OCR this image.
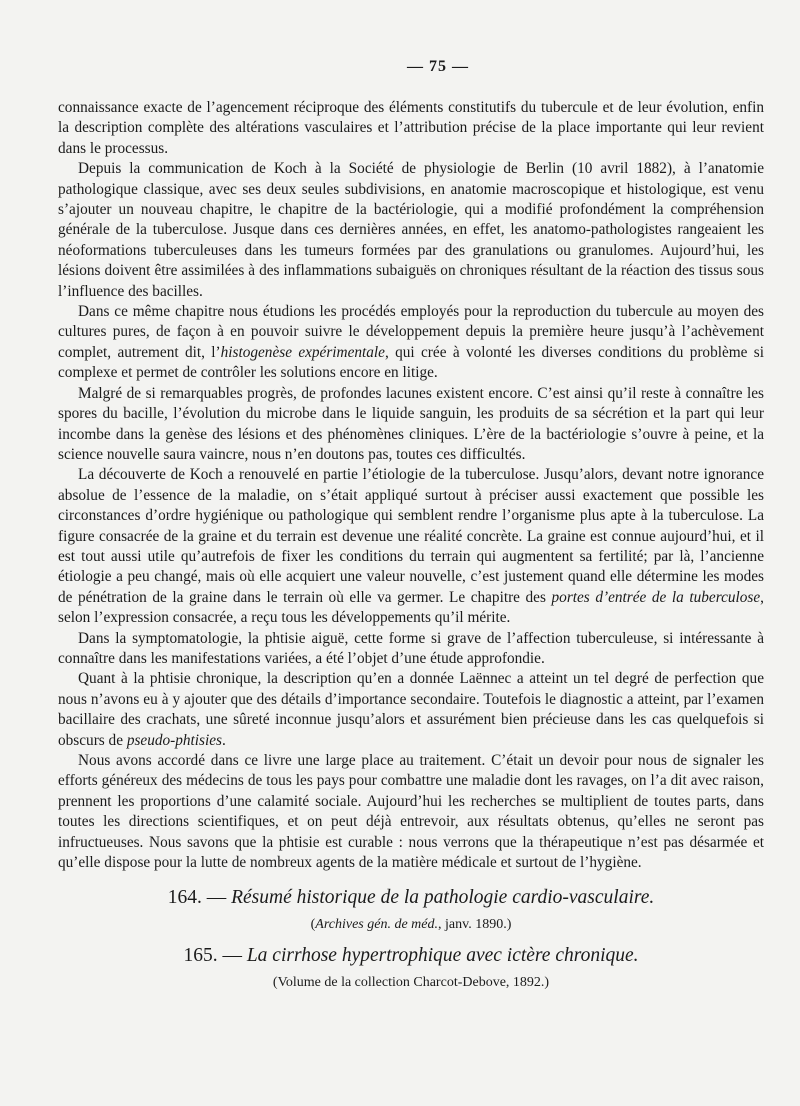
— 75 —

connaissance exacte de l’agencement réciproque des éléments constitutifs du tubercule et de leur évolution, enfin la description complète des altérations vasculaires et l’attribution précise de la place importante qui leur revient dans le processus.

Depuis la communication de Koch à la Société de physiologie de Berlin (10 avril 1882), à l’anatomie pathologique classique, avec ses deux seules subdivisions, en anatomie macroscopique et histologique, est venu s’ajouter un nouveau chapitre, le chapitre de la bactériologie, qui a modifié profondément la compréhension générale de la tuberculose. Jusque dans ces dernières années, en effet, les anatomo-pathologistes rangeaient les néoformations tuberculeuses dans les tumeurs formées par des granulations ou granulomes. Aujourd’hui, les lésions doivent être assimilées à des inflammations subaiguës on chroniques résultant de la réaction des tissus sous l’influence des bacilles.

Dans ce même chapitre nous étudions les procédés employés pour la reproduction du tubercule au moyen des cultures pures, de façon à en pouvoir suivre le développement depuis la première heure jusqu’à l’achèvement complet, autrement dit, l’histogenèse expérimentale, qui crée à volonté les diverses conditions du problème si complexe et permet de contrôler les solutions encore en litige.

Malgré de si remarquables progrès, de profondes lacunes existent encore. C’est ainsi qu’il reste à connaître les spores du bacille, l’évolution du microbe dans le liquide sanguin, les produits de sa sécrétion et la part qui leur incombe dans la genèse des lésions et des phénomènes cliniques. L’ère de la bactériologie s’ouvre à peine, et la science nouvelle saura vaincre, nous n’en doutons pas, toutes ces difficultés.

La découverte de Koch a renouvelé en partie l’étiologie de la tuberculose. Jusqu’alors, devant notre ignorance absolue de l’essence de la maladie, on s’était appliqué surtout à préciser aussi exactement que possible les circonstances d’ordre hygiénique ou pathologique qui semblent rendre l’organisme plus apte à la tuberculose. La figure consacrée de la graine et du terrain est devenue une réalité concrète. La graine est connue aujourd’hui, et il est tout aussi utile qu’autrefois de fixer les conditions du terrain qui augmentent sa fertilité; par là, l’ancienne étiologie a peu changé, mais où elle acquiert une valeur nouvelle, c’est justement quand elle détermine les modes de pénétration de la graine dans le terrain où elle va germer. Le chapitre des portes d’entrée de la tuberculose, selon l’expression consacrée, a reçu tous les développements qu’il mérite.

Dans la symptomatologie, la phtisie aiguë, cette forme si grave de l’affection tuberculeuse, si intéressante à connaître dans les manifestations variées, a été l’objet d’une étude approfondie.

Quant à la phtisie chronique, la description qu’en a donnée Laënnec a atteint un tel degré de perfection que nous n’avons eu à y ajouter que des détails d’importance secondaire. Toutefois le diagnostic a atteint, par l’examen bacillaire des crachats, une sûreté inconnue jusqu’alors et assurément bien précieuse dans les cas quelquefois si obscurs de pseudo-phtisies.

Nous avons accordé dans ce livre une large place au traitement. C’était un devoir pour nous de signaler les efforts généreux des médecins de tous les pays pour combattre une maladie dont les ravages, on l’a dit avec raison, prennent les proportions d’une calamité sociale. Aujourd’hui les recherches se multiplient de toutes parts, dans toutes les directions scientifiques, et on peut déjà entrevoir, aux résultats obtenus, qu’elles ne seront pas infructueuses. Nous savons que la phtisie est curable : nous verrons que la thérapeutique n’est pas désarmée et qu’elle dispose pour la lutte de nombreux agents de la matière médicale et surtout de l’hygiène.

164. — Résumé historique de la pathologie cardio-vasculaire.
(Archives gén. de méd., janv. 1890.)
165. — La cirrhose hypertrophique avec ictère chronique.
(Volume de la collection Charcot-Debove, 1892.)
